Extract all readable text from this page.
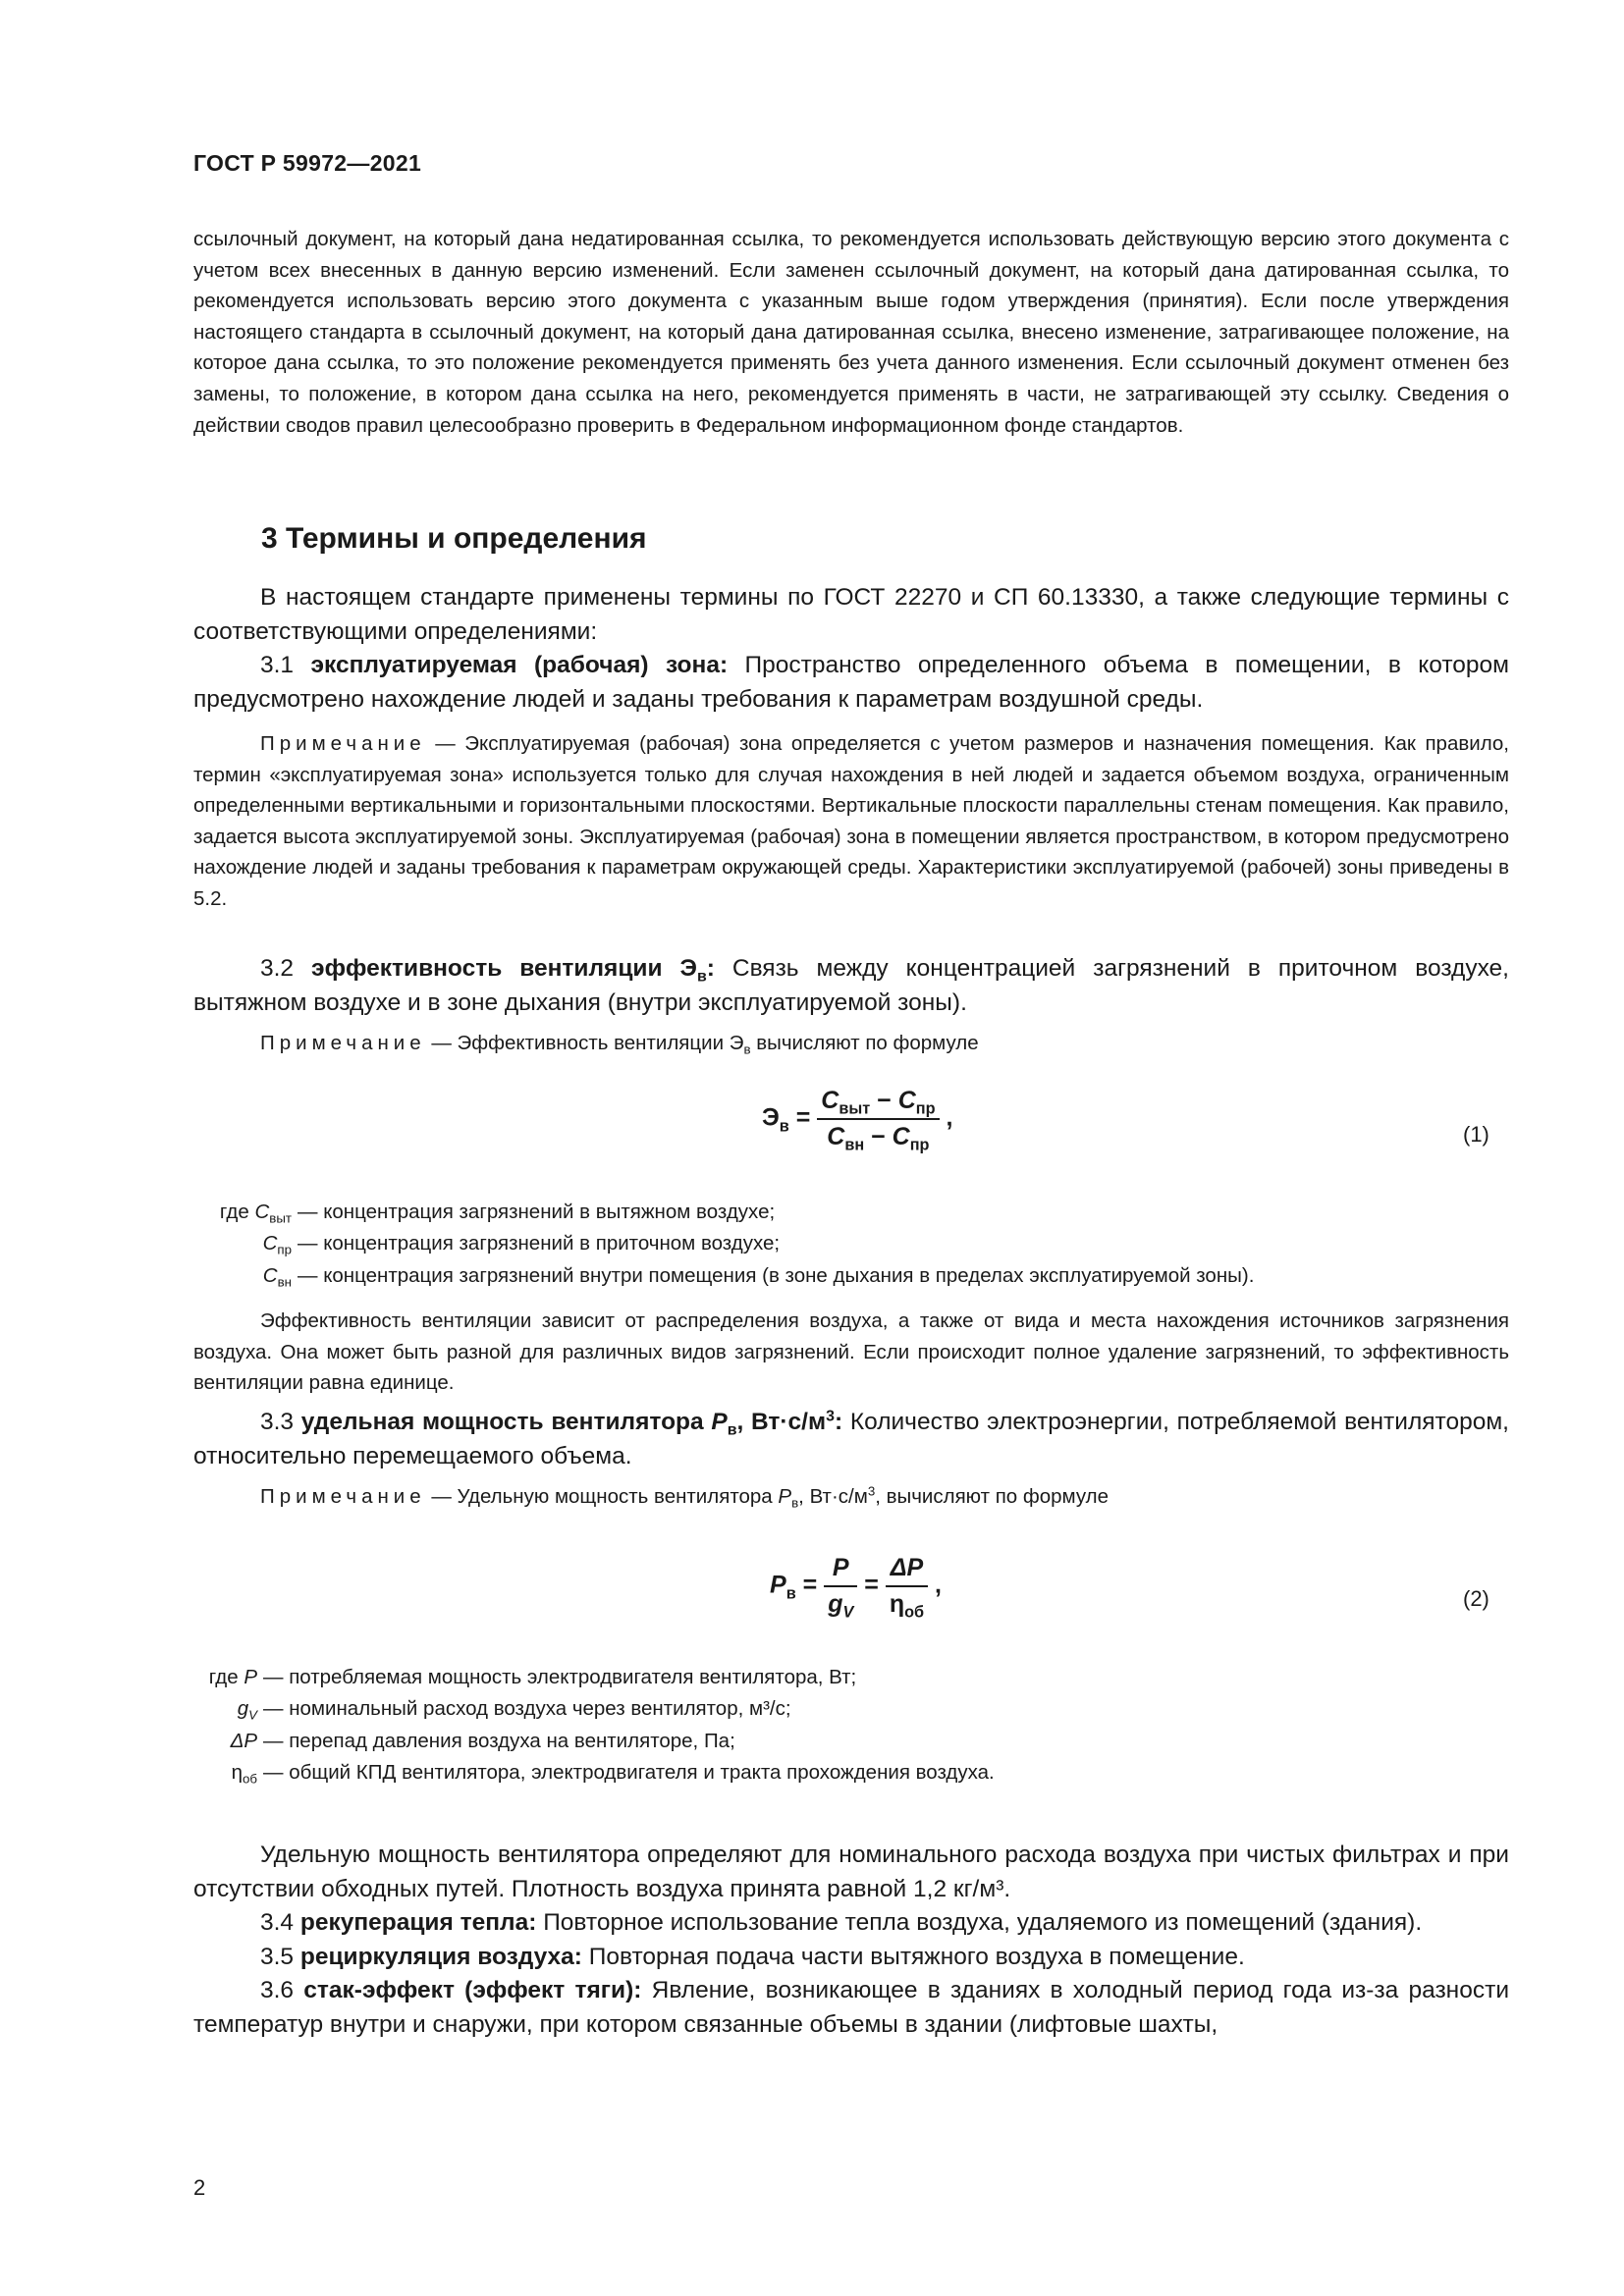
ГОСТ Р 59972—2021

ссылочный документ, на который дана недатированная ссылка, то рекомендуется использовать действующую версию этого документа с учетом всех внесенных в данную версию изменений. Если заменен ссылочный документ, на который дана датированная ссылка, то рекомендуется использовать версию этого документа с указанным выше годом утверждения (принятия). Если после утверждения настоящего стандарта в ссылочный документ, на который дана датированная ссылка, внесено изменение, затрагивающее положение, на которое дана ссылка, то это положение рекомендуется применять без учета данного изменения. Если ссылочный документ отменен без замены, то положение, в котором дана ссылка на него, рекомендуется применять в части, не затрагивающей эту ссылку. Сведения о действии сводов правил целесообразно проверить в Федеральном информационном фонде стандартов.

3 Термины и определения

В настоящем стандарте применены термины по ГОСТ 22270 и СП 60.13330, а также следующие термины с соответствующими определениями:

3.1 эксплуатируемая (рабочая) зона: Пространство определенного объема в помещении, в котором предусмотрено нахождение людей и заданы требования к параметрам воздушной среды.

Примечание — Эксплуатируемая (рабочая) зона определяется с учетом размеров и назначения помещения. Как правило, термин «эксплуатируемая зона» используется только для случая нахождения в ней людей и задается объемом воздуха, ограниченным определенными вертикальными и горизонтальными плоскостями. Вертикальные плоскости параллельны стенам помещения. Как правило, задается высота эксплуатируемой зоны. Эксплуатируемая (рабочая) зона в помещении является пространством, в котором предусмотрено нахождение людей и заданы требования к параметрам окружающей среды. Характеристики эксплуатируемой (рабочей) зоны приведены в 5.2.

3.2 эффективность вентиляции $Э_в$: Связь между концентрацией загрязнений в приточном воздухе, вытяжном воздухе и в зоне дыхания (внутри эксплуатируемой зоны).

Примечание — Эффективность вентиляции $Э_в$ вычисляют по формуле

$Э_в = \frac{C_{выт} - C_{пр}}{C_{вн} - C_{пр}}$ ,
(1)
где $C_{выт}$ — концентрация загрязнений в вытяжном воздухе;
$C_{пр}$ — концентрация загрязнений в приточном воздухе;
$C_{вн}$ — концентрация загрязнений внутри помещения (в зоне дыхания в пределах эксплуатируемой зоны).

Эффективность вентиляции зависит от распределения воздуха, а также от вида и места нахождения источников загрязнения воздуха. Она может быть разной для различных видов загрязнений. Если происходит полное удаление загрязнений, то эффективность вентиляции равна единице.

3.3 удельная мощность вентилятора $P_в$, $Вт\cdot с/м^3$: Количество электроэнергии, потребляемой вентилятором, относительно перемещаемого объема.

Примечание — Удельную мощность вентилятора $P_в$, $Вт\cdot с/м^3$, вычисляют по формуле

$P_в = \frac{P}{g_V} = \frac{\Delta P}{\eta_{об}}$ ,	(2)
где P — потребляемая мощность электродвигателя вентилятора, Вт;
$g_V$ — номинальный расход воздуха через вентилятор, м³/с;
ΔP — перепад давления воздуха на вентиляторе, Па;
$\eta_{об}$ — общий КПД вентилятора, электродвигателя и тракта прохождения воздуха.

Удельную мощность вентилятора определяют для номинального расхода воздуха при чистых фильтрах и при отсутствии обходных путей. Плотность воздуха принята равной 1,2 кг/м³.

3.4 рекуперация тепла: Повторное использование тепла воздуха, удаляемого из помещений (здания).

3.5 рециркуляция воздуха: Повторная подача части вытяжного воздуха в помещение.

3.6 стак-эффект (эффект тяги): Явление, возникающее в зданиях в холодный период года из-за разности температур внутри и снаружи, при котором связанные объемы в здании (лифтовые шахты,

2
